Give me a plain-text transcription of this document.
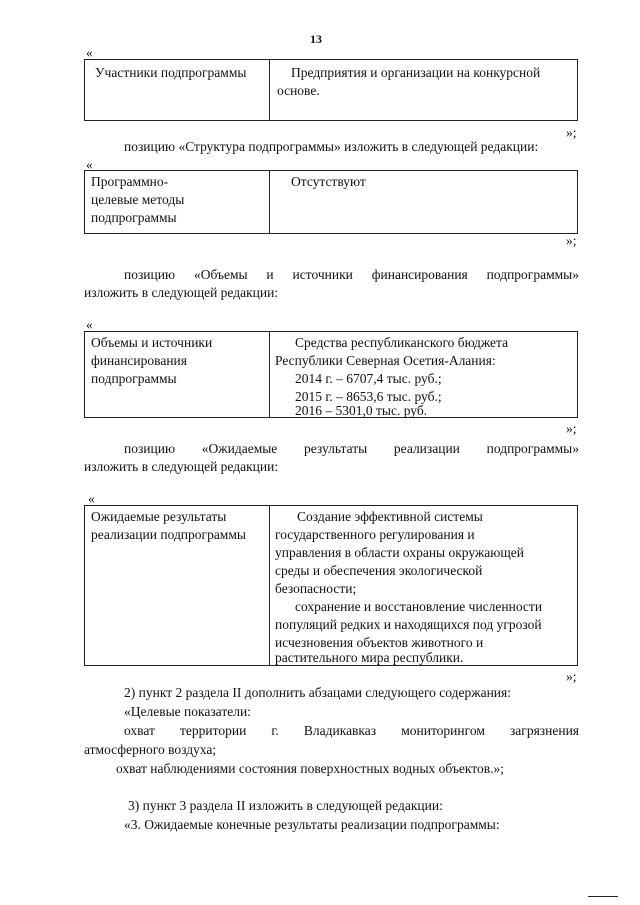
13
«
Участники подпрограммы	Предприятия и организации на конкурсной
основе.
»;
позицию «Структура подпрограммы» изложить в следующей редакции:
«
Программно-
целевые методы
подпрограммы
Отсутствуют
»;
позицию «Объемы и источники финансирования подпрограммы»
изложить в следующей редакции:
«
Объемы и источники
финансирования
подпрограммы
Средства республиканского бюджета
Республики Северная Осетия-Алания:
2014 г. – 6707,4 тыс. руб.;
2015 г. – 8653,6 тыс. руб.;
2016 – 5301,0 тыс. руб.
»;
позицию «Ожидаемые результаты реализации подпрограммы»
изложить в следующей редакции:
«
Ожидаемые результаты
реализации подпрограммы
Создание эффективной системы
государственного регулирования и
управления в области охраны окружающей
среды и обеспечения экологической
безопасности;
сохранение и восстановление численности
популяций редких и находящихся под угрозой
исчезновения объектов животного и
растительного мира республики.
»;
2) пункт 2 раздела II дополнить абзацами следующего содержания:
«Целевые показатели:
охват территории г. Владикавказ мониторингом загрязнения
атмосферного воздуха;
охват наблюдениями состояния поверхностных водных объектов.»;
3) пункт 3 раздела II изложить в следующей редакции:
«3. Ожидаемые конечные результаты реализации подпрограммы:
